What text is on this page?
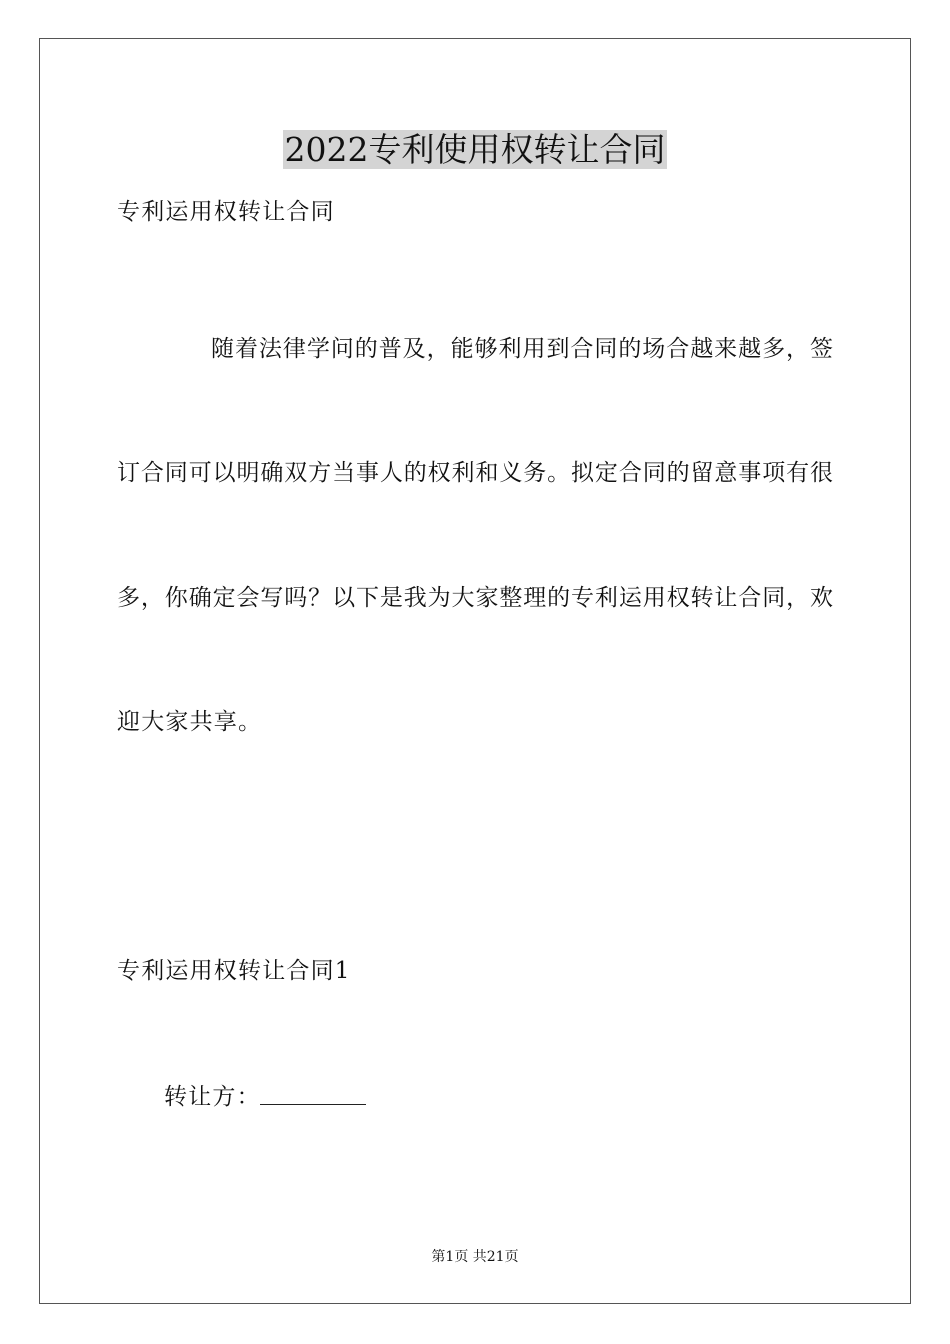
2022专利使用权转让合同
专利运用权转让合同
随着法律学问的普及，能够利用到合同的场合越来越多，签
订合同可以明确双方当事人的权利和义务。拟定合同的留意事项有很
多，你确定会写吗？以下是我为大家整理的专利运用权转让合同，欢
迎大家共享。
专利运用权转让合同1
转让方：
第1页 共21页
